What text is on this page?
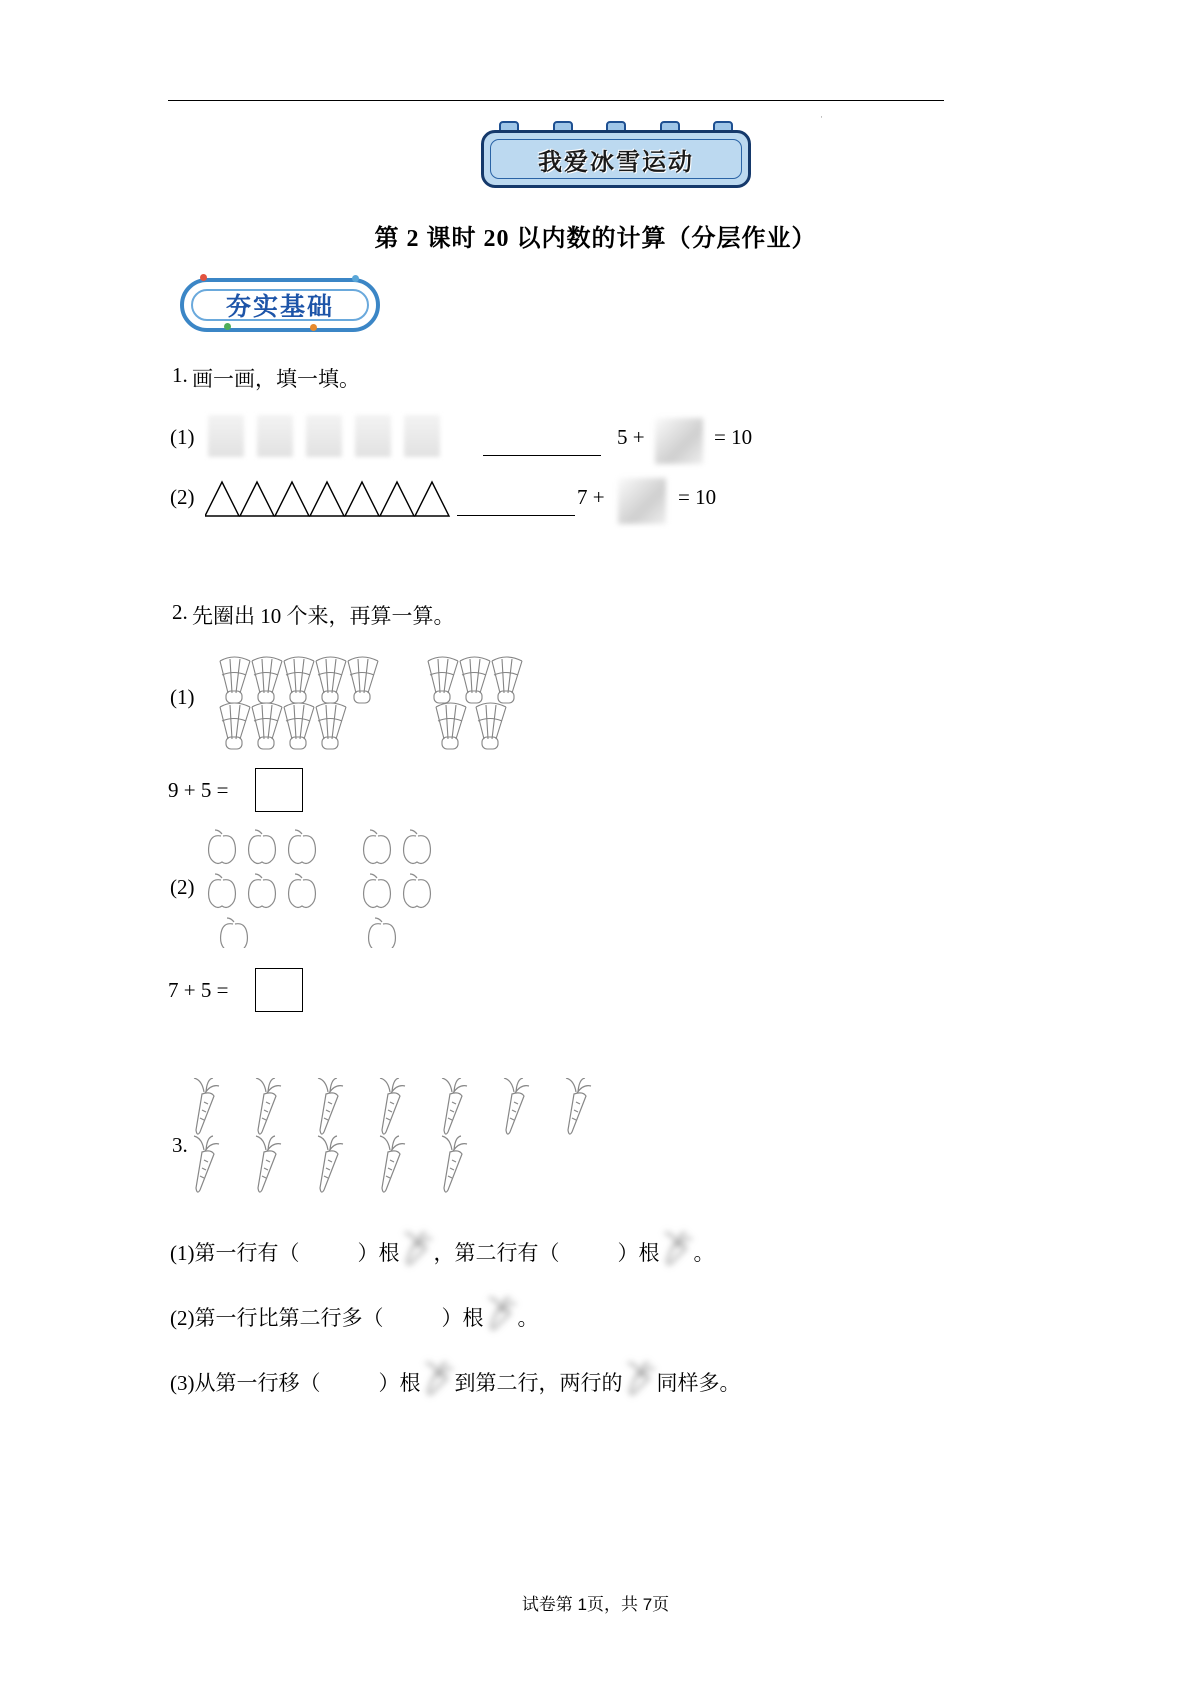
·
我爱冰雪运动
第 2 课时 20 以内数的计算（分层作业）
夯实基础
1. 画一画，填一填。
(1)	5 +	= 10
(2)	7 +	= 10
2. 先圈出 10 个来，再算一算。
(1)
9 + 5 =
(2)
7 + 5 =
3.
(1)第一行有（	）根 ，第二行有（	）根 。
(2)第一行比第二行多（	）根 。
(3)从第一行移（	）根 到第二行，两行的 同样多。
试卷第 1页，共 7页
